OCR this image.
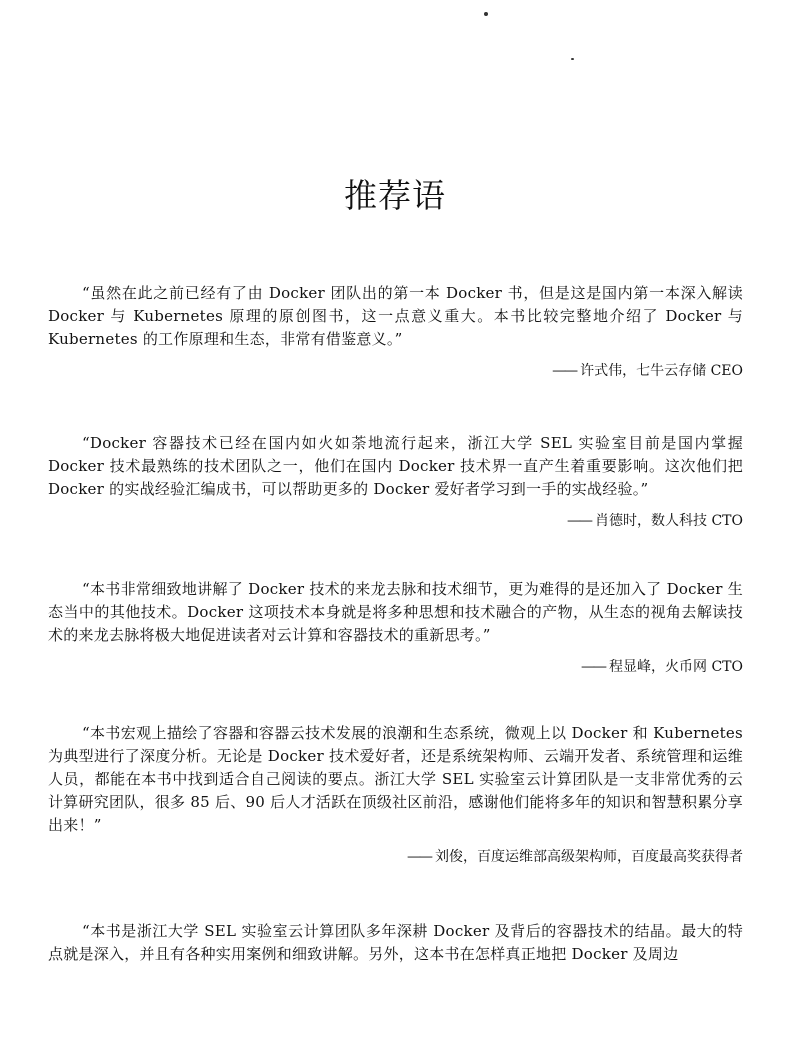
推荐语

“虽然在此之前已经有了由 Docker 团队出的第一本 Docker 书，但是这是国内第一本深入解读 Docker 与 Kubernetes 原理的原创图书，这一点意义重大。本书比较完整地介绍了 Docker 与 Kubernetes 的工作原理和生态，非常有借鉴意义。”

—— 许式伟，七牛云存储 CEO

“Docker 容器技术已经在国内如火如荼地流行起来，浙江大学 SEL 实验室目前是国内掌握 Docker 技术最熟练的技术团队之一，他们在国内 Docker 技术界一直产生着重要影响。这次他们把 Docker 的实战经验汇编成书，可以帮助更多的 Docker 爱好者学习到一手的实战经验。”

—— 肖德时，数人科技 CTO

“本书非常细致地讲解了 Docker 技术的来龙去脉和技术细节，更为难得的是还加入了 Docker 生态当中的其他技术。Docker 这项技术本身就是将多种思想和技术融合的产物，从生态的视角去解读技术的来龙去脉将极大地促进读者对云计算和容器技术的重新思考。”

—— 程显峰，火币网 CTO

“本书宏观上描绘了容器和容器云技术发展的浪潮和生态系统，微观上以 Docker 和 Kubernetes 为典型进行了深度分析。无论是 Docker 技术爱好者，还是系统架构师、云端开发者、系统管理和运维人员，都能在本书中找到适合自己阅读的要点。浙江大学 SEL 实验室云计算团队是一支非常优秀的云计算研究团队，很多 85 后、90 后人才活跃在顶级社区前沿，感谢他们能将多年的知识和智慧积累分享出来！”

—— 刘俊，百度运维部高级架构师，百度最高奖获得者

“本书是浙江大学 SEL 实验室云计算团队多年深耕 Docker 及背后的容器技术的结晶。最大的特点就是深入，并且有各种实用案例和细致讲解。另外，这本书在怎样真正地把 Docker 及周边
